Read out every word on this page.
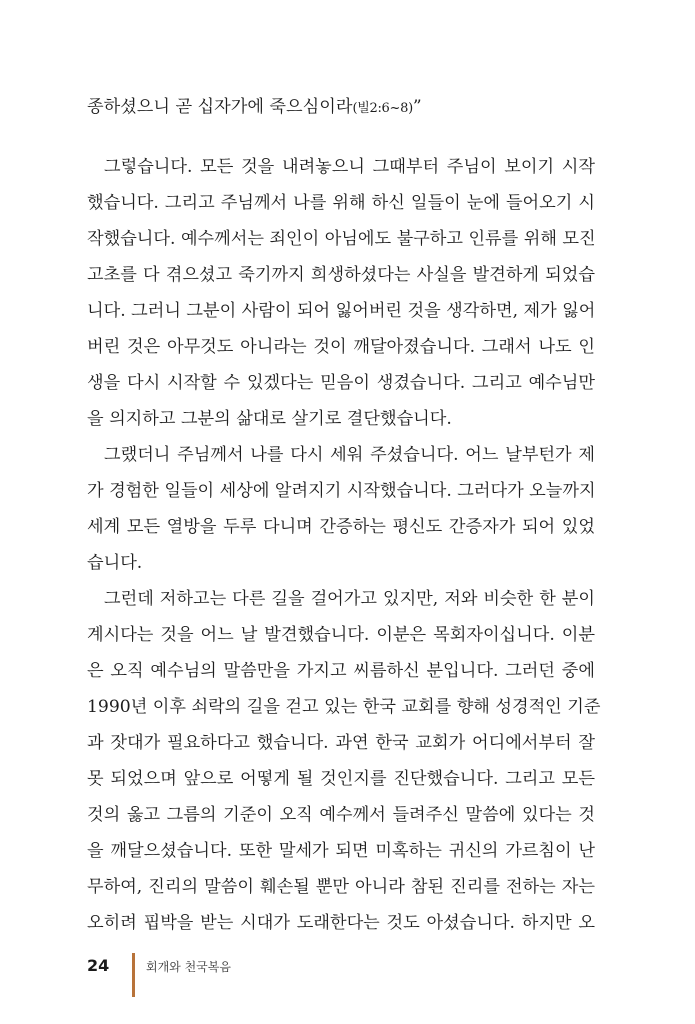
종하셨으니 곧 십자가에 죽으심이라(빌2:6~8)”
그렇습니다. 모든 것을 내려놓으니 그때부터 주님이 보이기 시작
했습니다. 그리고 주님께서 나를 위해 하신 일들이 눈에 들어오기 시
작했습니다. 예수께서는 죄인이 아님에도 불구하고 인류를 위해 모진
고초를 다 겪으셨고 죽기까지 희생하셨다는 사실을 발견하게 되었습
니다. 그러니 그분이 사람이 되어 잃어버린 것을 생각하면, 제가 잃어
버린 것은 아무것도 아니라는 것이 깨달아졌습니다. 그래서 나도 인
생을 다시 시작할 수 있겠다는 믿음이 생겼습니다. 그리고 예수님만
을 의지하고 그분의 삶대로 살기로 결단했습니다.
그랬더니 주님께서 나를 다시 세워 주셨습니다. 어느 날부턴가 제
가 경험한 일들이 세상에 알려지기 시작했습니다. 그러다가 오늘까지
세계 모든 열방을 두루 다니며 간증하는 평신도 간증자가 되어 있었
습니다.
그런데 저하고는 다른 길을 걸어가고 있지만, 저와 비슷한 한 분이
계시다는 것을 어느 날 발견했습니다. 이분은 목회자이십니다. 이분
은 오직 예수님의 말씀만을 가지고 씨름하신 분입니다. 그러던 중에
1990년 이후 쇠락의 길을 걷고 있는 한국 교회를 향해 성경적인 기준
과 잣대가 필요하다고 했습니다. 과연 한국 교회가 어디에서부터 잘
못 되었으며 앞으로 어떻게 될 것인지를 진단했습니다. 그리고 모든
것의 옳고 그름의 기준이 오직 예수께서 들려주신 말씀에 있다는 것
을 깨달으셨습니다. 또한 말세가 되면 미혹하는 귀신의 가르침이 난
무하여, 진리의 말씀이 훼손될 뿐만 아니라 참된 진리를 전하는 자는
오히려 핍박을 받는 시대가 도래한다는 것도 아셨습니다. 하지만 오
24	회개와 천국복음
